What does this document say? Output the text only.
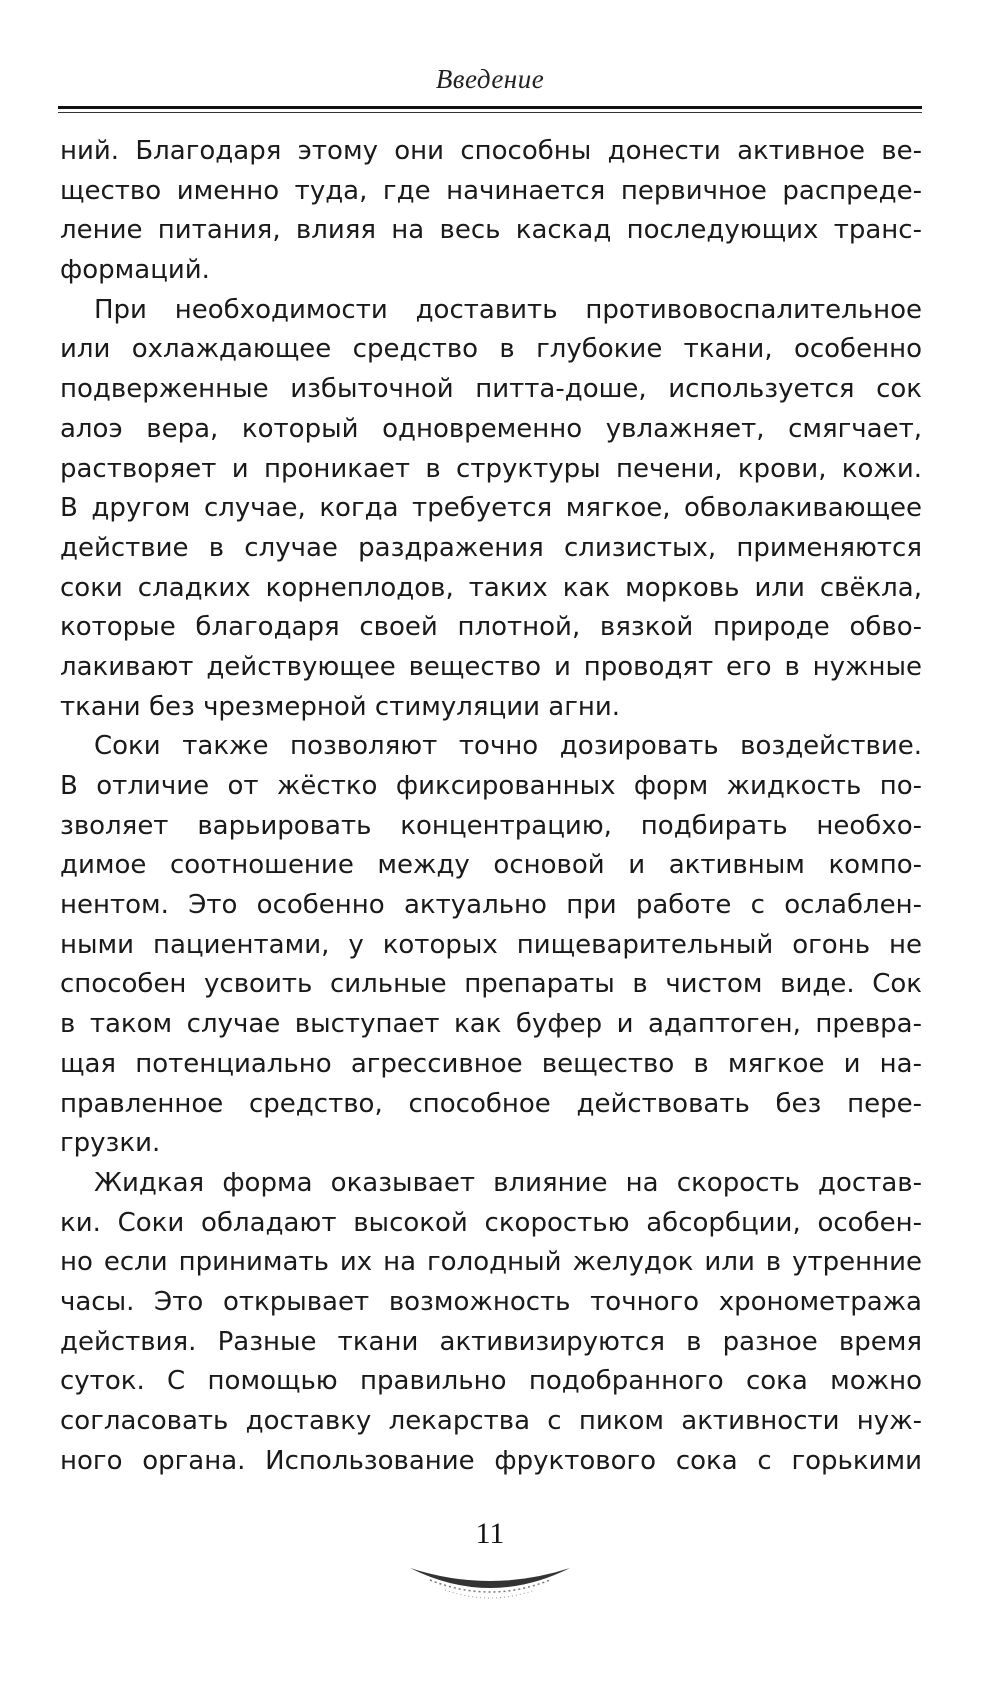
Введение
ний. Благодаря этому они способны донести активное ве-
щество именно туда, где начинается первичное распреде-
ление питания, влияя на весь каскад последующих транс-
формаций.
При необходимости доставить противовоспалительное
или охлаждающее средство в глубокие ткани, особенно
подверженные избыточной питта-доше, используется сок
алоэ вера, который одновременно увлажняет, смягчает,
растворяет и проникает в структуры печени, крови, кожи.
В другом случае, когда требуется мягкое, обволакивающее
действие в случае раздражения слизистых, применяются
соки сладких корнеплодов, таких как морковь или свёкла,
которые благодаря своей плотной, вязкой природе обво-
лакивают действующее вещество и проводят его в нужные
ткани без чрезмерной стимуляции агни.
Соки также позволяют точно дозировать воздействие.
В отличие от жёстко фиксированных форм жидкость по-
зволяет варьировать концентрацию, подбирать необхо-
димое соотношение между основой и активным компо-
нентом. Это особенно актуально при работе с ослаблен-
ными пациентами, у которых пищеварительный огонь не
способен усвоить сильные препараты в чистом виде. Сок
в таком случае выступает как буфер и адаптоген, превра-
щая потенциально агрессивное вещество в мягкое и на-
правленное средство, способное действовать без пере-
грузки.
Жидкая форма оказывает влияние на скорость достав-
ки. Соки обладают высокой скоростью абсорбции, особен-
но если принимать их на голодный желудок или в утренние
часы. Это открывает возможность точного хронометража
действия. Разные ткани активизируются в разное время
суток. С помощью правильно подобранного сока можно
согласовать доставку лекарства с пиком активности нуж-
ного органа. Использование фруктового сока с горькими
11
